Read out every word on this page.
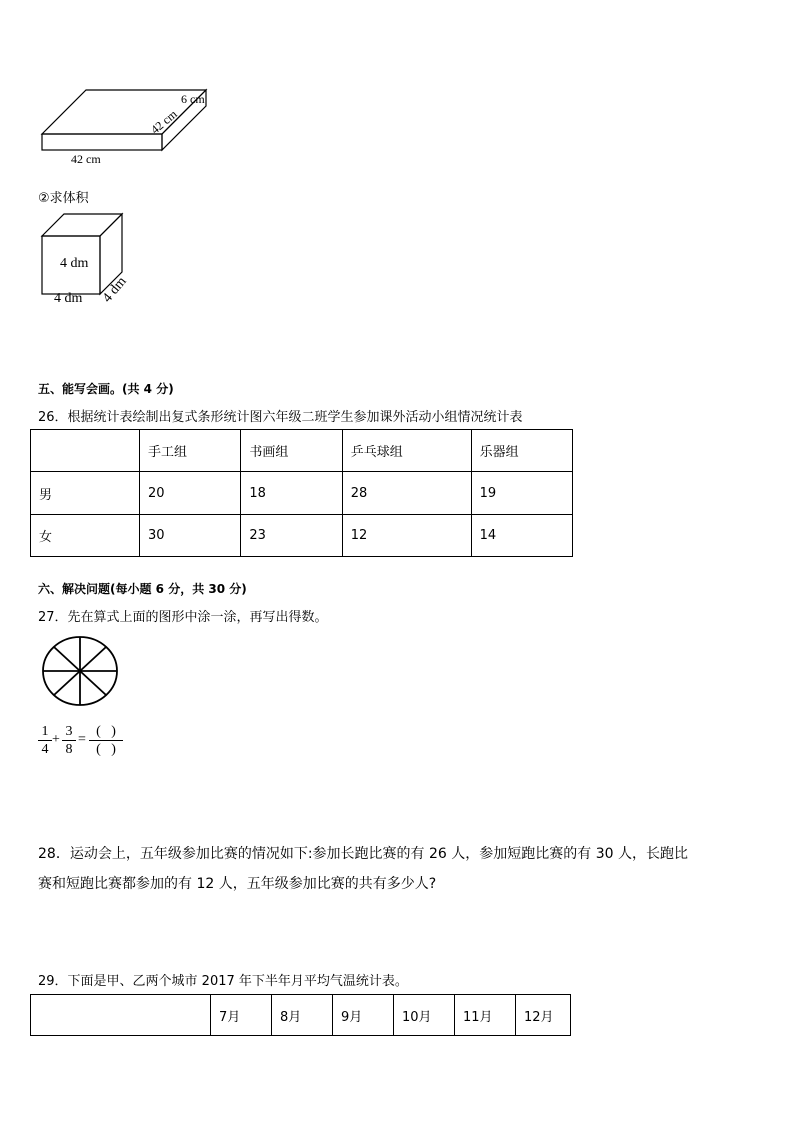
6 cm
42 cm
42 cm
②求体积
4 dm
4 dm 4 dm
五、能写会画。(共 4 分)
26．根据统计表绘制出复式条形统计图六年级二班学生参加课外活动小组情况统计表
	手工组	书画组	乒乓球组	乐器组
男	20	18	28	19
女	30	23	12	14
六、解决问题(每小题 6 分，共 30 分)
27．先在算式上面的图形中涂一涂，再写出得数。
$\frac{1}{4} + \frac{3}{8}$ =
(   )
(   )
28．运动会上，五年级参加比赛的情况如下:参加长跑比赛的有 26 人，参加短跑比赛的有 30 人，长跑比
赛和短跑比赛都参加的有 12 人，五年级参加比赛的共有多少人?
29．下面是甲、乙两个城市 2017 年下半年月平均气温统计表。
	7月	8月	9月	10月	11月	12月
